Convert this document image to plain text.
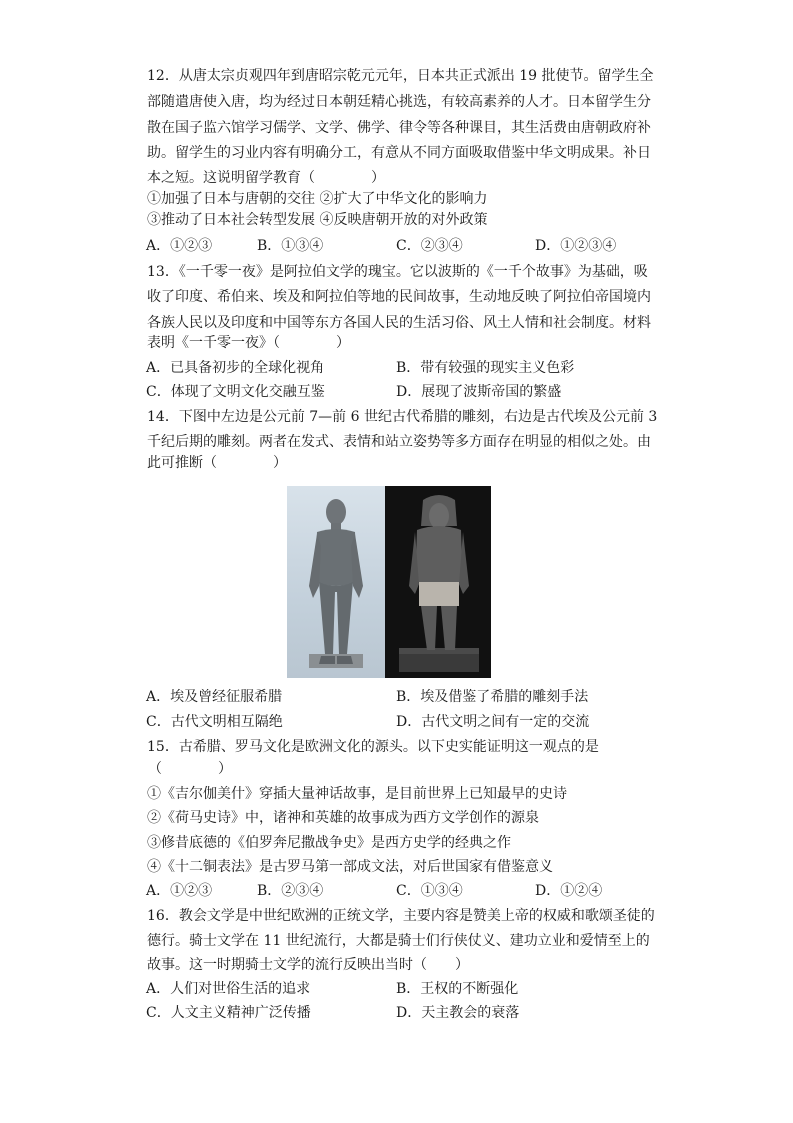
12．从唐太宗贞观四年到唐昭宗乾元元年，日本共正式派出 19 批使节。留学生全
部随遣唐使入唐，均为经过日本朝廷精心挑选，有较高素养的人才。日本留学生分
散在国子监六馆学习儒学、文学、佛学、律令等各种课目，其生活费由唐朝政府补
助。留学生的习业内容有明确分工，有意从不同方面吸取借鉴中华文明成果。补日
本之短。这说明留学教育（　　　　）
①加强了日本与唐朝的交往 ②扩大了中华文化的影响力
③推动了日本社会转型发展 ④反映唐朝开放的对外政策
A．①②③	B．①③④	C．②③④	D．①②③④
13．《一千零一夜》是阿拉伯文学的瑰宝。它以波斯的《一千个故事》为基础，吸
收了印度、希伯来、埃及和阿拉伯等地的民间故事，生动地反映了阿拉伯帝国境内
各族人民以及印度和中国等东方各国人民的生活习俗、风土人情和社会制度。材料
表明《一千零一夜》（　　　　）
A．已具备初步的全球化视角	B．带有较强的现实主义色彩
C．体现了文明文化交融互鉴	D．展现了波斯帝国的繁盛
14．下图中左边是公元前 7—前 6 世纪古代希腊的雕刻，右边是古代埃及公元前 3
千纪后期的雕刻。两者在发式、表情和站立姿势等多方面存在明显的相似之处。由
此可推断（　　　　）
A．埃及曾经征服希腊	B．埃及借鉴了希腊的雕刻手法
C．古代文明相互隔绝	D．古代文明之间有一定的交流
15．古希腊、罗马文化是欧洲文化的源头。以下史实能证明这一观点的是
（　　　　）
①《吉尔伽美什》穿插大量神话故事，是目前世界上已知最早的史诗
②《荷马史诗》中，诸神和英雄的故事成为西方文学创作的源泉
③修昔底德的《伯罗奔尼撒战争史》是西方史学的经典之作
④《十二铜表法》是古罗马第一部成文法，对后世国家有借鉴意义
A．①②③	B．②③④	C．①③④	D．①②④
16．教会文学是中世纪欧洲的正统文学，主要内容是赞美上帝的权威和歌颂圣徒的
德行。骑士文学在 11 世纪流行，大都是骑士们行侠仗义、建功立业和爱情至上的
故事。这一时期骑士文学的流行反映出当时（　　）
A．人们对世俗生活的追求	B．王权的不断强化
C．人文主义精神广泛传播	D．天主教会的衰落
